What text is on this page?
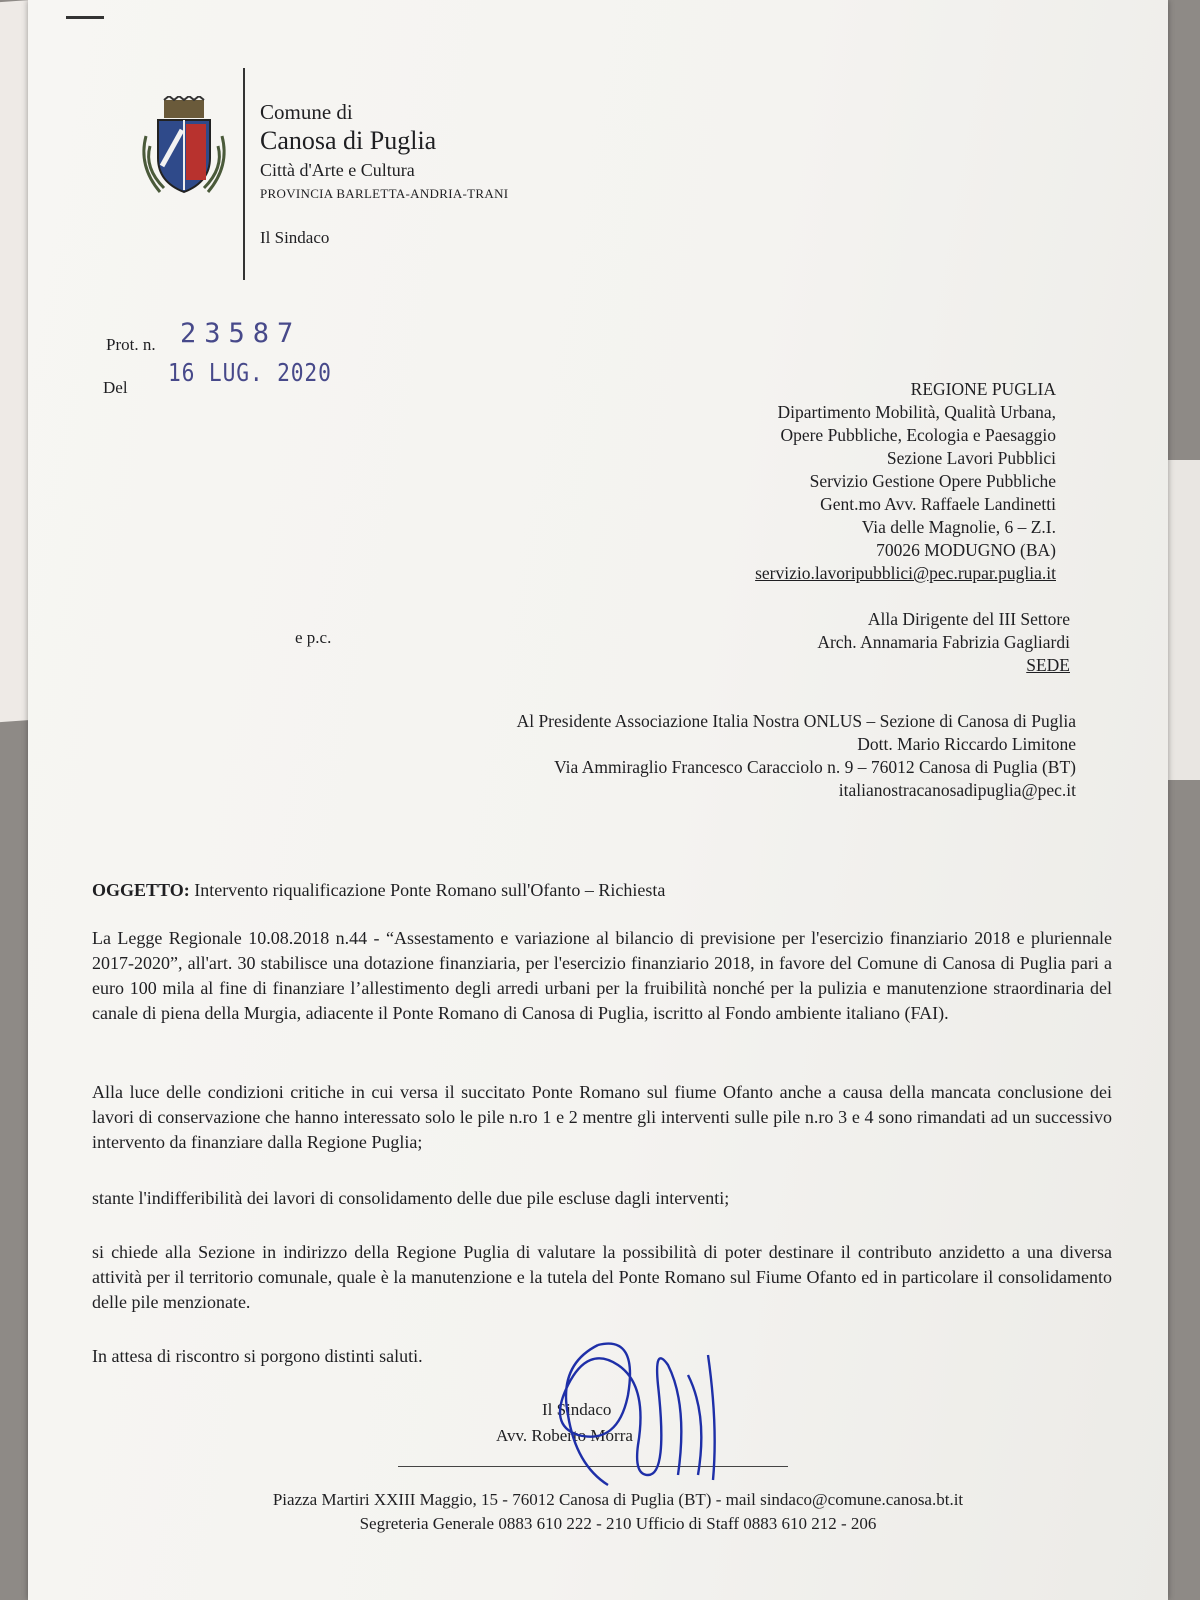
Comune di
Canosa di Puglia
Città d'Arte e Cultura
PROVINCIA BARLETTA-ANDRIA-TRANI
Il Sindaco
Prot. n. 23587
Del
16 LUG. 2020
REGIONE PUGLIA
Dipartimento Mobilità, Qualità Urbana,
Opere Pubbliche, Ecologia e Paesaggio
Sezione Lavori Pubblici
Servizio Gestione Opere Pubbliche
Gent.mo Avv. Raffaele Landinetti
Via delle Magnolie, 6 – Z.I.
70026 MODUGNO (BA)
servizio.lavoripubblici@pec.rupar.puglia.it
e p.c.
Alla Dirigente del III Settore
Arch. Annamaria Fabrizia Gagliardi
SEDE
Al Presidente Associazione Italia Nostra ONLUS – Sezione di Canosa di Puglia
Dott. Mario Riccardo Limitone
Via Ammiraglio Francesco Caracciolo n. 9 – 76012 Canosa di Puglia (BT)
italianostracanosadipuglia@pec.it
OGGETTO: Intervento riqualificazione Ponte Romano sull'Ofanto – Richiesta
La Legge Regionale 10.08.2018 n.44 - “Assestamento e variazione al bilancio di previsione per l'esercizio finanziario 2018 e pluriennale 2017-2020”, all'art. 30 stabilisce una dotazione finanziaria, per l'esercizio finanziario 2018, in favore del Comune di Canosa di Puglia pari a euro 100 mila al fine di finanziare l’allestimento degli arredi urbani per la fruibilità nonché per la pulizia e manutenzione straordinaria del canale di piena della Murgia, adiacente il Ponte Romano di Canosa di Puglia, iscritto al Fondo ambiente italiano (FAI).
Alla luce delle condizioni critiche in cui versa il succitato Ponte Romano sul fiume Ofanto anche a causa della mancata conclusione dei lavori di conservazione che hanno interessato solo le pile n.ro 1 e 2 mentre gli interventi sulle pile n.ro 3 e 4 sono rimandati ad un successivo intervento da finanziare dalla Regione Puglia;
stante l'indifferibilità dei lavori di consolidamento delle due pile escluse dagli interventi;
si chiede alla Sezione in indirizzo della Regione Puglia di valutare la possibilità di poter destinare il contributo anzidetto a una diversa attività per il territorio comunale, quale è la manutenzione e la tutela del Ponte Romano sul Fiume Ofanto ed in particolare il consolidamento delle pile menzionate.
In attesa di riscontro si porgono distinti saluti.
Il Sindaco
Avv. Roberto Morra
Piazza Martiri XXIII Maggio, 15 - 76012 Canosa di Puglia (BT) - mail sindaco@comune.canosa.bt.it
Segreteria Generale 0883 610 222 - 210 Ufficio di Staff 0883 610 212 - 206
